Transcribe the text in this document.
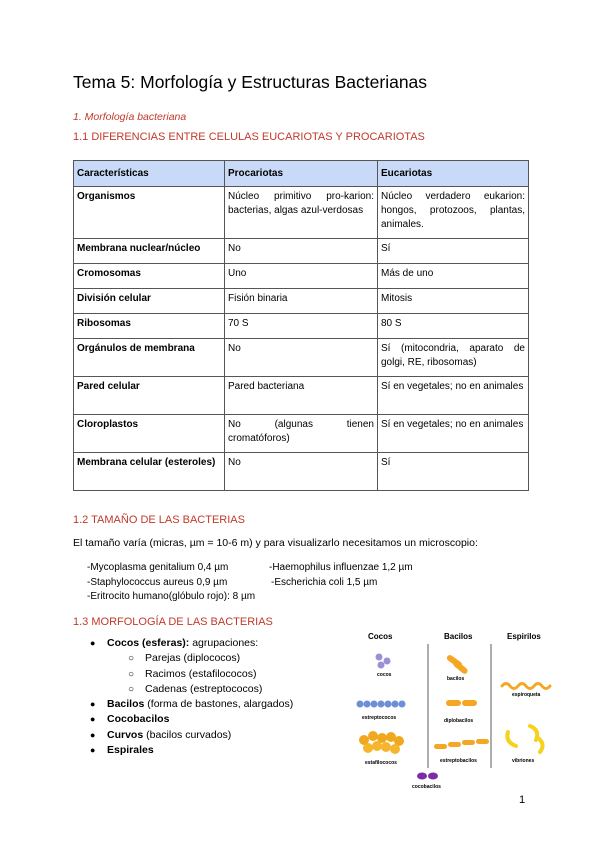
Tema 5: Morfología y Estructuras Bacterianas
1. Morfología bacteriana
1.1 DIFERENCIAS ENTRE CELULAS EUCARIOTAS Y PROCARIOTAS
Características	Procariotas	Eucariotas
Organismos	Núcleo primitivo pro-karion: bacterias, algas azul-verdosas	Núcleo verdadero eukarion: hongos, protozoos, plantas, animales.
Membrana nuclear/núcleo	No	Sí
Cromosomas	Uno	Más de uno
División celular	Fisión binaria	Mitosis
Ribosomas	70 S	80 S
Orgánulos de membrana	No	Sí (mitocondria, aparato de golgi, RE, ribosomas)
Pared celular	Pared bacteriana	Sí en vegetales; no en animales
Cloroplastos	No (algunas tienen cromatóforos)	Sí en vegetales; no en animales
Membrana celular (esteroles)	No	Sí
1.2 TAMAÑO DE LAS BACTERIAS
El tamaño varía (micras, µm = 10-6 m) y para visualizarlo necesitamos un microscopio:
-Mycoplasma genitalium 0,4 µm	-Haemophilus influenzae 1,2 µm
-Staphylococcus aureus 0,9 µm	-Escherichia coli 1,5 µm
-Eritrocito humano(glóbulo rojo): 8 µm
1.3 MORFOLOGÍA DE LAS BACTERIAS
● Cocos (esferas): agrupaciones:
○ Parejas (diplococos)
○ Racimos (estafilococos)
○ Cadenas (estreptococos)
● Bacilos (forma de bastones, alargados)
● Cocobacilos
● Curvos (bacilos curvados)
● Espirales
Cocos	Bacilos	Espirilos
cocos
estreptococos
estafilococos
bacilos
diplobacilos
estreptobacilos
espiroqueta
vibriones
cocobacilos
1
